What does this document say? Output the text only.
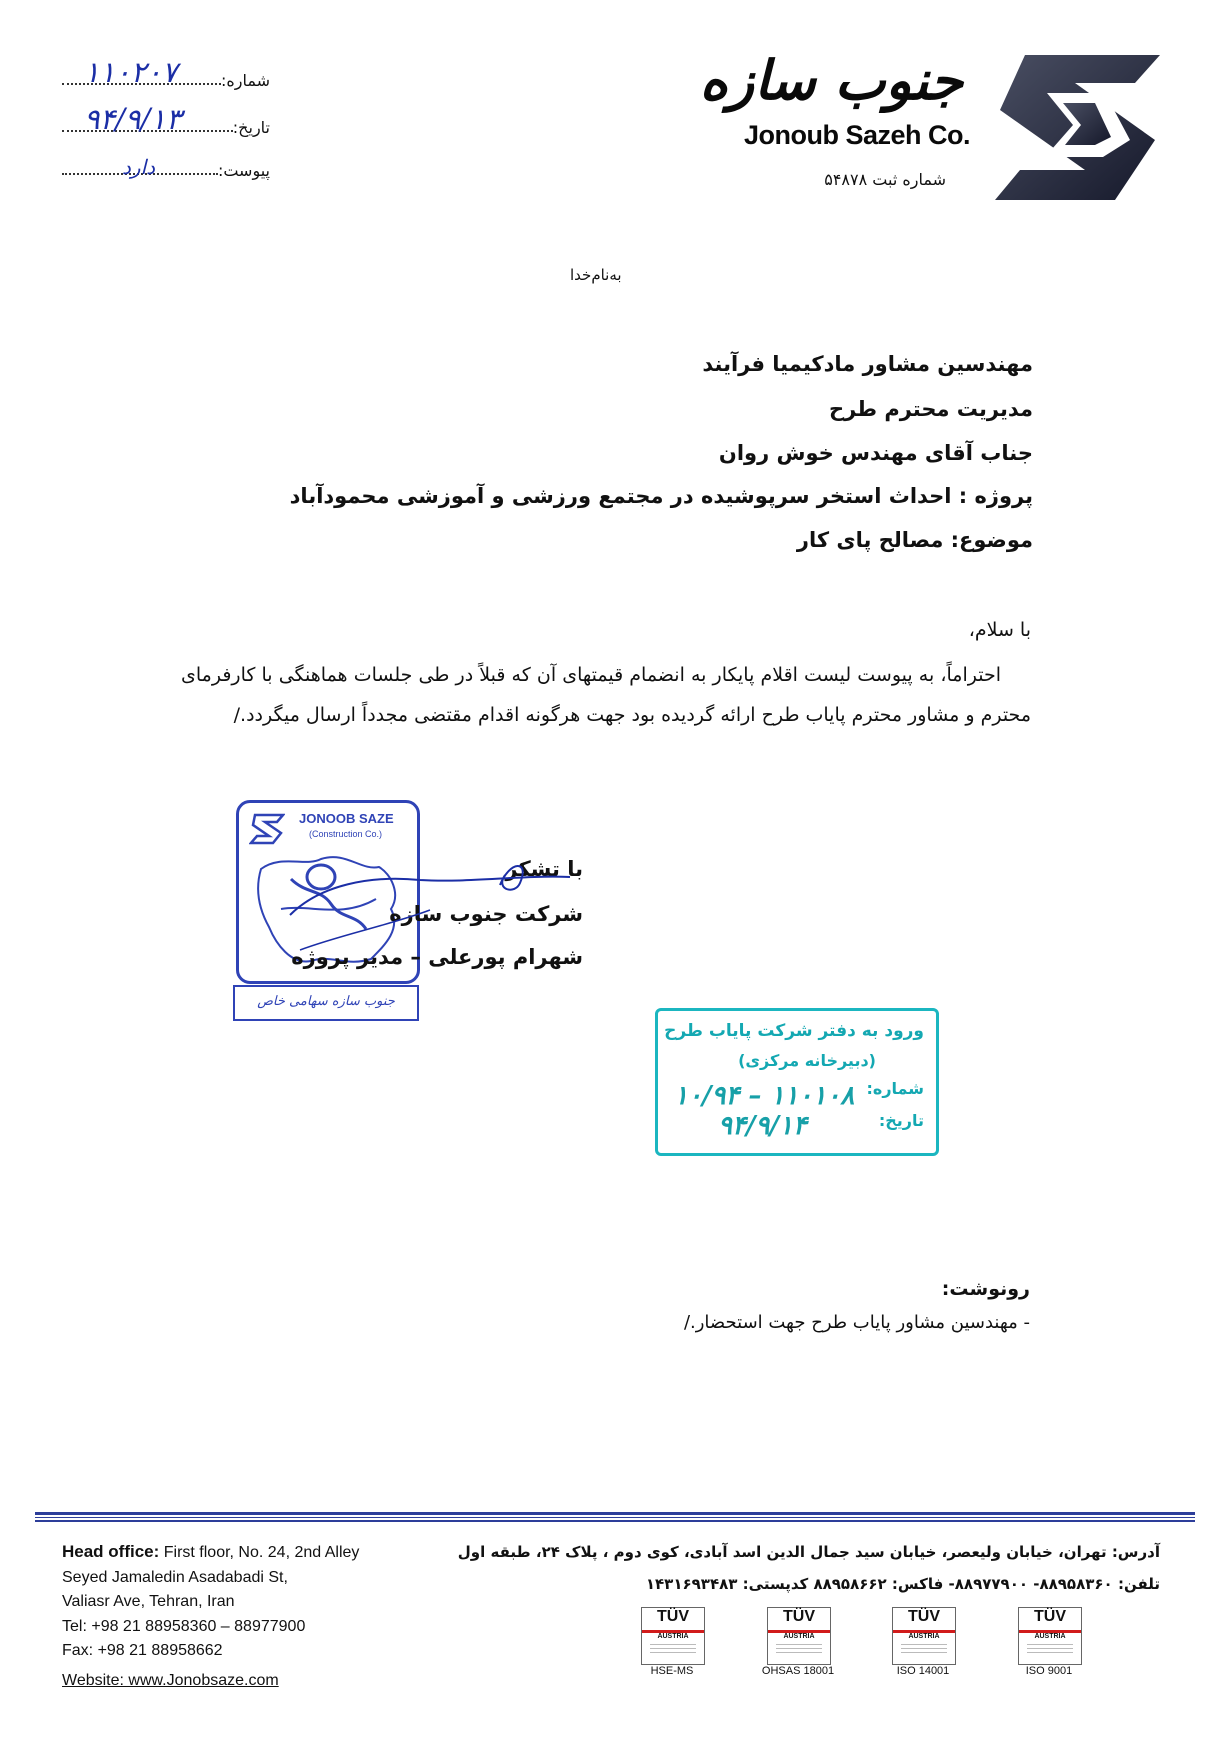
جنوب سازه
Jonoub Sazeh Co.
شماره ثبت ۵۴۸۷۸
شماره:
۱۱۰۲۰۷
تاریخ:
۹۴/۹/۱۳
پیوست:
دارد
به‌نام‌خدا
مهندسین مشاور مادکیمیا فرآیند
مدیریت محترم طرح
جناب آقای مهندس خوش روان
پروژه : احداث استخر سرپوشیده در مجتمع ورزشی و آموزشی محمودآباد
موضوع: مصالح پای کار
با سلام،
احتراماً، به پیوست لیست اقلام پایکار به انضمام قیمتهای آن که قبلاً در طی جلسات هماهنگی با کارفرمای محترم و مشاور محترم پایاب طرح ارائه گردیده بود جهت هرگونه اقدام مقتضی مجدداً ارسال میگردد./
JONOOB SAZE
(Construction Co.)
جنوب سازه سهامی خاص
با تشکر
شرکت جنوب سازه
شهرام پورعلی – مدیر پروژه
ورود به دفتر شرکت پایاب طرح
(دبیرخانه مرکزی)
شماره:
تاریخ:
۱۱۰۱۰۸ – ۱۰/۹۴
۹۴/۹/۱۴
رونوشت:
- مهندسین مشاور پایاب طرح جهت استحضار./
Head office: First floor, No. 24, 2nd Alley
Seyed Jamaledin Asadabadi St,
Valiasr Ave, Tehran, Iran
Tel: +98 21 88958360 – 88977900
Fax: +98 21 88958662
Website: www.Jonobsaze.com
آدرس: تهران، خیابان ولیعصر، خیابان سید جمال الدین اسد آبادی، کوی دوم ، پلاک ۲۴، طبقه اول
تلفن: ۸۸۹۵۸۳۶۰- ۸۸۹۷۷۹۰۰- فاکس: ۸۸۹۵۸۶۶۲ کدپستی: ۱۴۳۱۶۹۳۴۸۳
TÜV
AUSTRIA
HSE-MS
TÜV
AUSTRIA
OHSAS 18001
TÜV
AUSTRIA
ISO 14001
TÜV
AUSTRIA
ISO 9001
